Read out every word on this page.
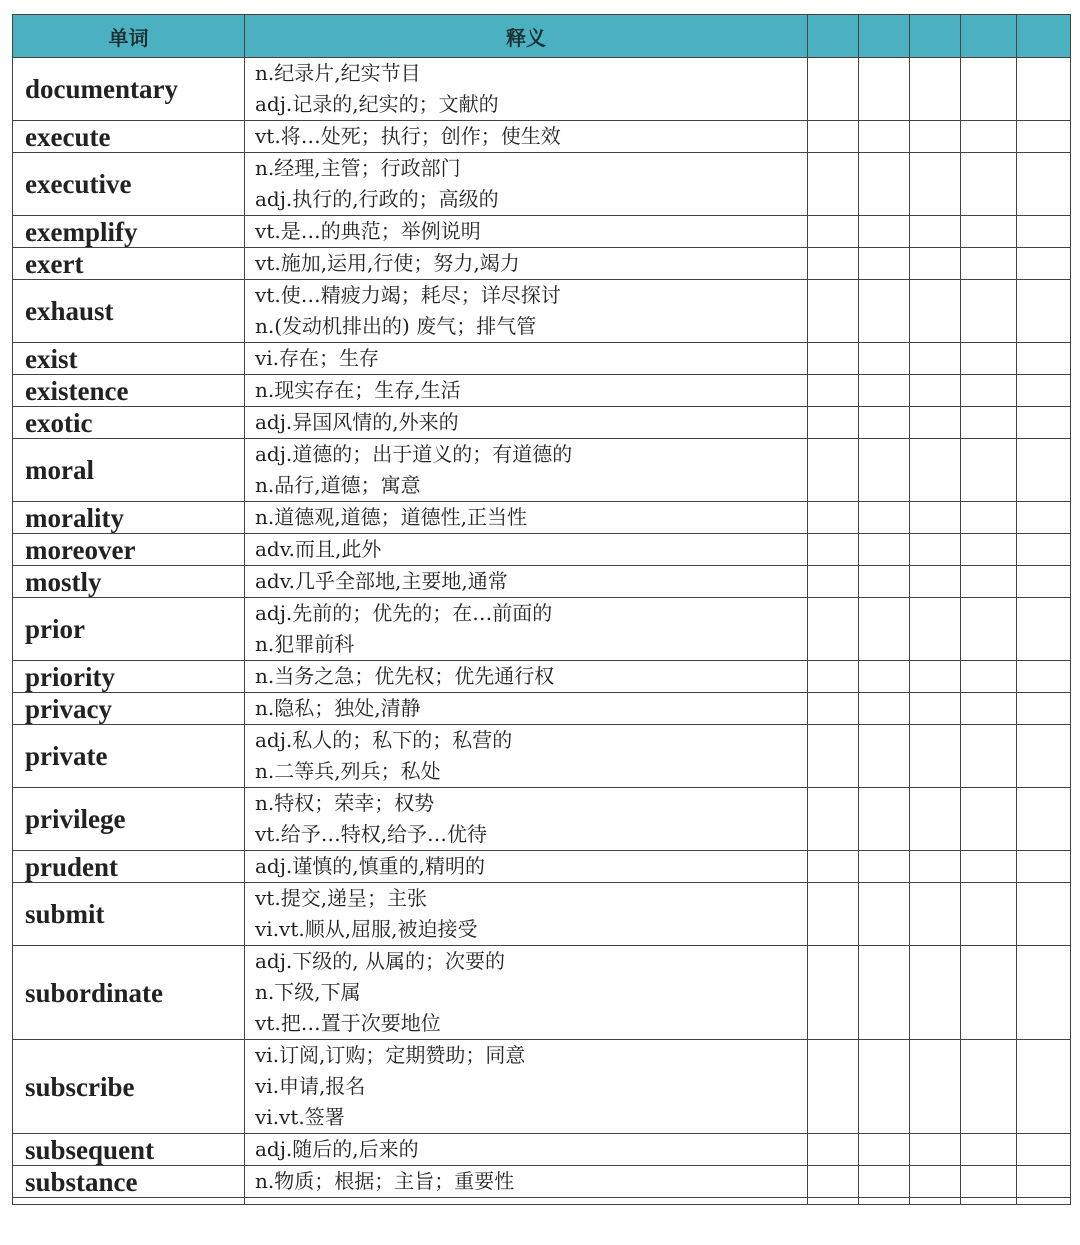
单词	释义					
documentary	n.纪录片,纪实节目
adj.记录的,纪实的；文献的					

execute	vt.将…处死；执行；创作；使生效					

executive	n.经理,主管；行政部门
adj.执行的,行政的；高级的					

exemplify	vt.是…的典范；举例说明					

exert	vt.施加,运用,行使；努力,竭力					

exhaust	vt.使…精疲力竭；耗尽；详尽探讨
n.(发动机排出的) 废气；排气管					

exist	vi.存在；生存					

existence	n.现实存在；生存,生活					

exotic	adj.异国风情的,外来的					

moral	adj.道德的；出于道义的；有道德的
n.品行,道德；寓意					

morality	n.道德观,道德；道德性,正当性					

moreover	adv.而且,此外					

mostly	adv.几乎全部地,主要地,通常					

prior	adj.先前的；优先的；在…前面的
n.犯罪前科					

priority	n.当务之急；优先权；优先通行权					

privacy	n.隐私；独处,清静					

private	adj.私人的；私下的；私营的
n.二等兵,列兵；私处					

privilege	n.特权；荣幸；权势
vt.给予…特权,给予…优待					

prudent	adj.谨慎的,慎重的,精明的					

submit	vt.提交,递呈；主张
vi.vt.顺从,屈服,被迫接受					

subordinate	adj.下级的, 从属的；次要的
n.下级,下属
vt.把…置于次要地位					

subscribe	vi.订阅,订购；定期赞助；同意
vi.申请,报名
vi.vt.签署					

subsequent	adj.随后的,后来的					

substance	n.物质；根据；主旨；重要性					
